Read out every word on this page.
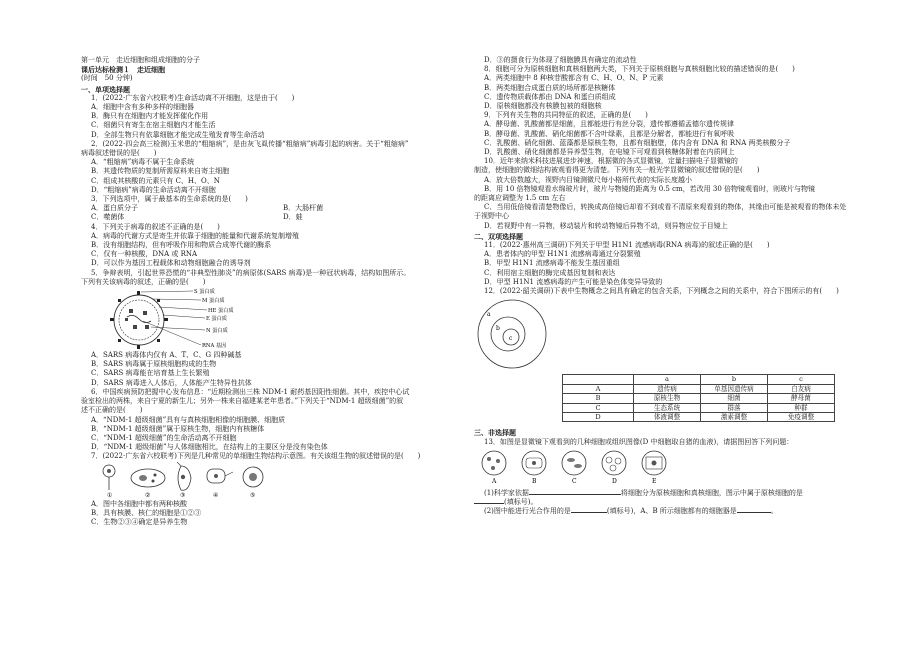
第一单元　走近细胞和组成细胞的分子
课后达标检测１　走近细胞
(时间　50 分钟)
一、单项选择题
1．(2022·广东省六校联考)生命活动离不开细胞，这是由于(　　)
A．细胞中含有多种多样的细胞器
B．酶只有在细胞内才能发挥催化作用
C．细菌只有寄生在宿主细胞内才能生活
D．全部生物只有依靠细胞才能完成生殖发育等生命活动
2．(2022·四会高三检测)玉米患的“粗缩病”，是由灰飞虱传播“粗缩病”病毒引起的病害。关于“粗缩病”
病毒叙述错误的是(　　)
A．“粗缩病”病毒不属于生命系统
B．其遗传物质的复制所需原料来自寄主细胞
C．组成其核酸的元素只有 C、H、O、N
D．“粗缩病”病毒的生命活动离不开细胞
3．下列选项中，属于最基本的生命系统的是(　　)
A．蛋白质分子	B．大肠杆菌
C．噬菌体	D．蛙
4．下列关于病毒的叙述不正确的是(　　)
A．病毒的代谢方式是寄生并依靠于细胞的能量和代谢系统复制增殖
B．没有细胞结构，但有呼吸作用和物质合成等代谢的酶系
C．仅有一种核酸，DNA 或 RNA
D．可以作为基因工程载体和动物细胞融合的诱导剂
5．争辩表明，引起世界恐慌的“非典型性肺炎”的病原体(SARS 病毒)是一种冠状病毒，结构如图所示。
下列有关该病毒的叙述，正确的是(　　)
S 蛋白质
M 蛋白质
HE 蛋白质
E 蛋白质
N 蛋白质
RNA 基因
A．SARS 病毒体内仅有 A、T、C、G 四种碱基
B．SARS 病毒属于原核细胞构成的生物
C．SARS 病毒能在培育基上生长繁殖
D．SARS 病毒进入人体后，人体能产生特异性抗体
6．中国疾病预防把握中心发布信息：“近期检测出三株 NDM-1 耐药基因阳性细菌。其中，疾控中心试
验室检出的两株，来自宁夏的新生儿；另外一株来自福建某老年患者。”下列关于“NDM-1 超级细菌”的叙
述不正确的是(　　)
A．“NDM-1 超级细菌”具有与真核细胞相像的细胞膜、细胞质
B．“NDM-1 超级细菌”属于原核生物，细胞内有核糖体
C．“NDM-1 超级细菌”的生命活动离不开细胞
D．“NDM-1 超级细菌”与人体细胞相比，在结构上的主要区分是没有染色体
7．(2022·广东省六校联考)下列是几种常见的单细胞生物结构示意图。有关该组生物的叙述错误的是(　　)
①	②	③	④	⑤
A．图中各细胞中都有两种核酸
B．具有核膜、核仁的细胞是①②③
C．生物②③④确定是异养生物
D．③的摄食行为体现了细胞膜具有确定的流动性
8．细胞可分为原核细胞和真核细胞两大类，下列关于原核细胞与真核细胞比较的描述错误的是(　　)
A．两类细胞中 8 种核苷酸都含有 C、H、O、N、P 元素
B．两类细胞合成蛋白质的场所都是核糖体
C．遗传物质载体都由 DNA 和蛋白质组成
D．原核细胞都没有核膜包被的细胞核
9．下列有关生物的共同特征的叙述，正确的是(　　)
A．酵母菌、乳酸菌都是细菌，且都能进行有丝分裂，遗传都遵循孟德尔遗传规律
B．酵母菌、乳酸菌、硝化细菌都不含叶绿素，且都是分解者，都能进行有氧呼吸
C．乳酸菌、硝化细菌、蓝藻都是原核生物，且都有细胞壁，体内含有 DNA 和 RNA 两类核酸分子
D．乳酸菌、硝化细菌都是异养型生物，在电镜下可观看到核糖体附着在内质网上
10．近年来纳米科技进展进步神速，根据微的各式显微镜，定量扫描电子显微镜的
制造，使细胞的微细结构被观看得更为清楚。下列有关一般光学显微镜的叙述错误的是(　　)
A．放大倍数越大，视野内目镜测微尺每小格所代表的实际长度越小
B．用 10 倍物镜观看水绵玻片时，玻片与物镜的距离为 0.5 cm，若改用 30 倍物镜观看时，则玻片与物镜
的距离应调整为 1.5 cm 左右
C．当用低倍镜看清楚物像后，转换成高倍镜后却看不到或看不清原来观看到的物体，其缘由可能是被观看的物体未处
于视野中心
D．若视野中有一异物，移动装片和转动物镜后异物不动，则异物应位于目镜上
二、双项选择题
11．(2022·惠州高三调研)下列关于甲型 H1N1 流感病毒(RNA 病毒)的叙述正确的是(　　)
A．患者体内的甲型 H1N1 流感病毒通过分裂繁殖
B．甲型 H1N1 流感病毒不能发生基因重组
C．利用宿主细胞的酶完成基因复制和表达
D．甲型 H1N1 流感病毒的产生可能是染色体变异导致的
12．(2022·韶关调研)下表中生物概念之间具有确定的包含关系，下列概念之间的关系中，符合下图所示的有(　　)
a
b
c
	a	b	c
A	遗传病	单基因遗传病	白友病
B	原核生物	细菌	酵母菌
C	生态系统	群落	种群
D	体液调整	激素调整	免疫调整
三、非选择题
13．如图是显微镜下观看到的几种细胞或组织图像(D 中细胞取自猪的血液)，请据图回答下列问题：
A	B	C	D	E
(1)科学家依据	将细胞分为原核细胞和真核细胞，图示中属于原核细胞的是
(填标号)。
(2)图中能进行光合作用的是	(填标号)，A、B 所示细胞都有的细胞器是	。
